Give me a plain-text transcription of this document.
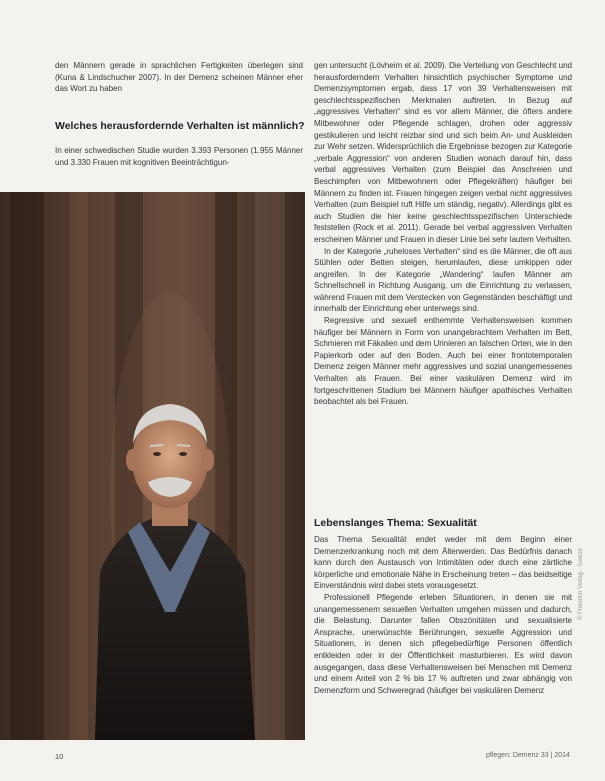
den Männern gerade in sprachlichen Fertigkeiten überlegen sind (Kuna & Lindschucher 2007). In der Demenz scheinen Männer eher das Wort zu haben

Welches herausfordernde Verhalten ist männlich?

In einer schwedischen Studie wurden 3.393 Personen (1.955 Männer und 3.330 Frauen mit kognitiven Beeinträchtigun-

gen untersucht (Lövheim et al. 2009). Die Verteilung von Geschlecht und herausforderndem Verhalten hinsichtlich psychischer Symptome und Demenzsymptomen ergab, dass 17 von 39 Verhaltensweisen mit geschlechtsspezifischen Merkmalen auftreten. In Bezug auf „aggressives Verhalten“ sind es vor allem Männer, die öfters andere Mitbewohner oder Pflegende schlagen, drohen oder aggressiv gestikulieren und leicht reizbar sind und sich beim An- und Auskleiden zur Wehr setzen. Widersprüchlich die Ergebnisse bezogen zur Kategorie „verbale Aggression“ von anderen Studien wonach darauf hin, dass verbal aggressives Verhalten (zum Beispiel das Anschreien und Beschimpfen von Mitbewohnern oder Pflegekräften) häufiger bei Männern zu finden ist. Frauen hingegen zeigen verbal nicht aggressives Verhalten (zum Beispiel ruft Hilfe um ständig, negativ). Allerdings gibt es auch Studien die hier keine geschlechtsspezifischen Unterschiede feststellen (Rock et al. 2011). Gerade bei verbal aggressiven Verhalten erscheinen Männer und Frauen in dieser Linie bei sehr lautem Verhalten.

In der Kategorie „ruheloses Verhalten“ sind es die Männer, die oft aus Stühlen oder Betten steigen, herumlaufen, diese umkippen oder angreifen. In der Kategorie „Wandering“ laufen Männer am Schnellschnell in Richtung Ausgang, um die Einrichtung zu verlassen, während Frauen mit dem Verstecken von Gegenständen beschäftigt und innerhalb der Einrichtung eher unterwegs sind.

Regressive und sexuell enthemmte Verhaltensweisen kommen häufiger bei Männern in Form von unangebrachtem Verhalten im Bett, Schmieren mit Fäkalien und dem Urinieren an falschen Orten, wie in den Papierkorb oder auf den Boden. Auch bei einer frontotemporalen Demenz zeigen Männer mehr aggressives und sozial unangemessenes Verhalten als Frauen. Bei einer vaskulären Demenz wird im fortgeschrittenen Stadium bei Männern häufiger apathisches Verhalten beobachtet als bei Frauen.

Lebenslanges Thema: Sexualität

Das Thema Sexualität endet weder mit dem Beginn einer Demenzerkrankung noch mit dem Älterwerden. Das Bedürfnis danach kann durch den Austausch von Intimitäten oder durch eine zärtliche körperliche und emotionale Nähe in Erscheinung treten – das beidseitige Einverständnis wird dabei stets vorausgesetzt.

Professionell Pflegende erleben Situationen, in denen sie mit unangemessenem sexuellen Verhalten umgehen müssen und dadurch, die Belastung. Darunter fallen Obszönitäten und sexualisierte Ansprache, unerwünschte Berührungen, sexuelle Aggression und Situationen, in denen sich pflegebedürftige Personen öffentlich entkleiden oder in der Öffentlichkeit masturbieren. Es wird davon ausgegangen, dass diese Verhaltensweisen bei Menschen mit Demenz und einem Anteil von 2 % bis 17 % auftreten und zwar abhängig von Demenzform und Schweregrad (häufiger bei vaskulären Demenz

10	pflegen: Demenz 33 | 2014
© Friedrich Verlag · Seelze
